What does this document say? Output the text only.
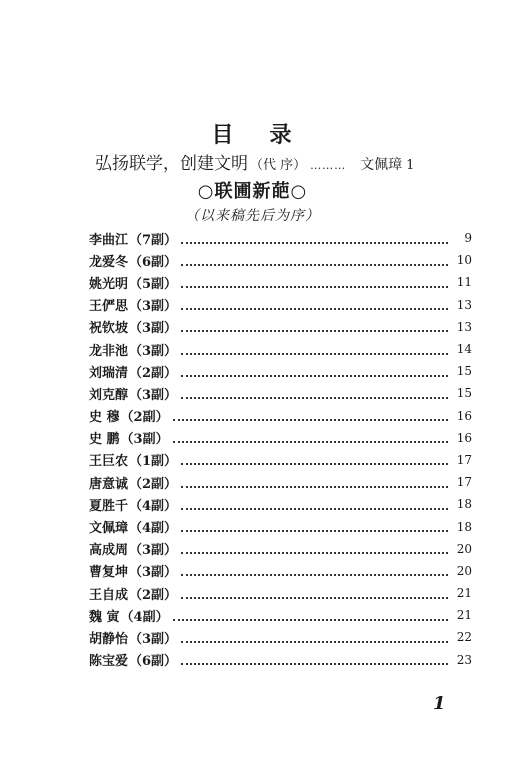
目 录
弘扬联学，创建文明 （代 序） ……… 文佩璋 1
○联圃新葩○
（以来稿先后为序）
李曲江 （7副）	9
龙爱冬 （6副）	10
姚光明 （5副）	11
王俨思 （3副）	13
祝钦坡 （3副）	13
龙非池 （3副）	14
刘瑞清 （2副）	15
刘克醇 （3副）	15
史 穆 （2副）	16
史 鹏 （3副）	16
王巨农 （1副）	17
唐意诚 （2副）	17
夏胜千 （4副）	18
文佩璋 （4副）	18
高成周 （3副）	20
曹复坤 （3副）	20
王自成 （2副）	21
魏 寅 （4副）	21
胡静怡 （3副）	22
陈宝爱 （6副）	23
1
